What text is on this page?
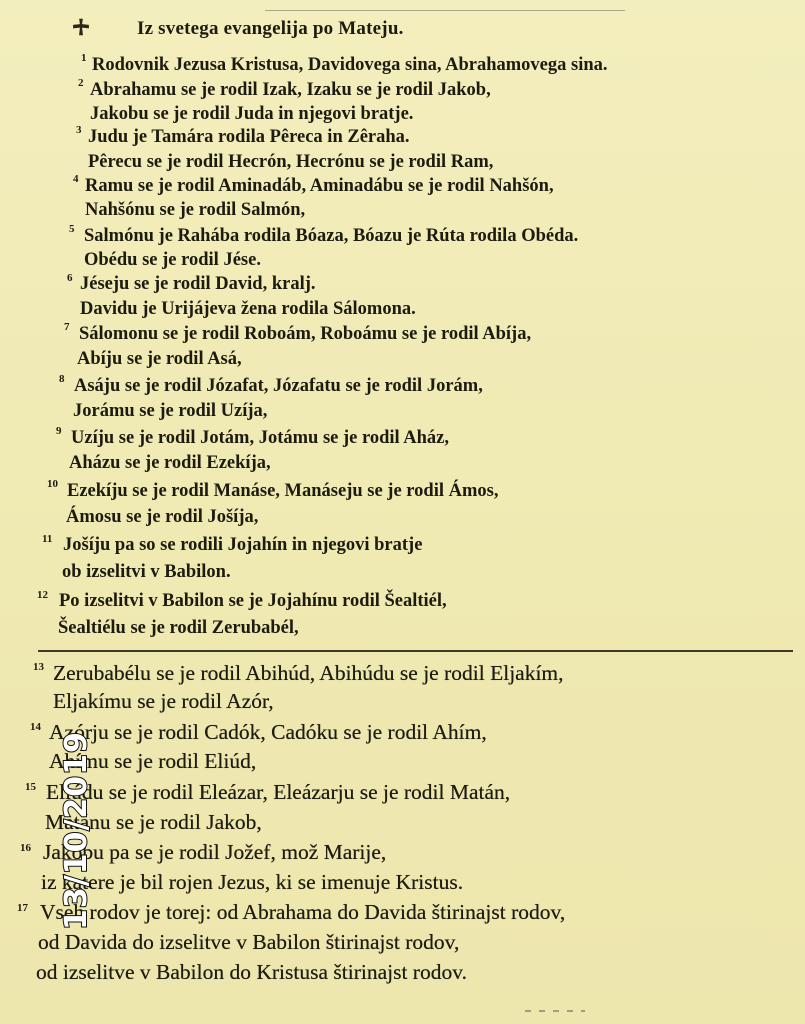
Iz svetega evangelija po Mateju.
1 Rodovnik Jezusa Kristusa, Davidovega sina, Abrahamovega sina.
2 Abrahamu se je rodil Izak, Izaku se je rodil Jakob,
Jakobu se je rodil Juda in njegovi bratje.
3 Judu je Tamára rodila Pêreca in Zêraha.
Pêrecu se je rodil Hecrón, Hecrónu se je rodil Ram,
4 Ramu se je rodil Aminadáb, Aminadábu se je rodil Nahšón,
Nahšónu se je rodil Salmón,
5 Salmónu je Rahába rodila Bóaza, Bóazu je Rúta rodila Obéda.
Obédu se je rodil Jése.
6 Jéseju se je rodil David, kralj.
Davidu je Urijájeva žena rodila Sálomona.
7 Sálomonu se je rodil Roboám, Roboámu se je rodil Abíja,
Abíju se je rodil Asá,
8 Asáju se je rodil Józafat, Józafatu se je rodil Jorám,
Jorámu se je rodil Uzíja,
9 Uzíju se je rodil Jotám, Jotámu se je rodil Aház,
Aházu se je rodil Ezekíja,
10 Ezekíju se je rodil Manáse, Manáseju se je rodil Ámos,
Ámosu se je rodil Jošíja,
11 Jošíju pa so se rodili Jojahín in njegovi bratje
ob izselitvi v Babilon.
12 Po izselitvi v Babilon se je Jojahínu rodil Šealtiél,
Šealtiélu se je rodil Zerubabél,
13 Zerubabélu se je rodil Abihúd, Abihúdu se je rodil Eljakím,
Eljakímu se je rodil Azór,
14 Azórju se je rodil Cadók, Cadóku se je rodil Ahím,
Ahímu se je rodil Eliúd,
15 Eliúdu se je rodil Eleázar, Eleázarju se je rodil Matán,
Matánu se je rodil Jakob,
16 Jakobu pa se je rodil Jožef, mož Marije,
iz katere je bil rojen Jezus, ki se imenuje Kristus.
17 Vseh rodov je torej: od Abrahama do Davida štirinajst rodov,
od Davida do izselitve v Babilon štirinajst rodov,
od izselitve v Babilon do Kristusa štirinajst rodov.
13/10/2019
